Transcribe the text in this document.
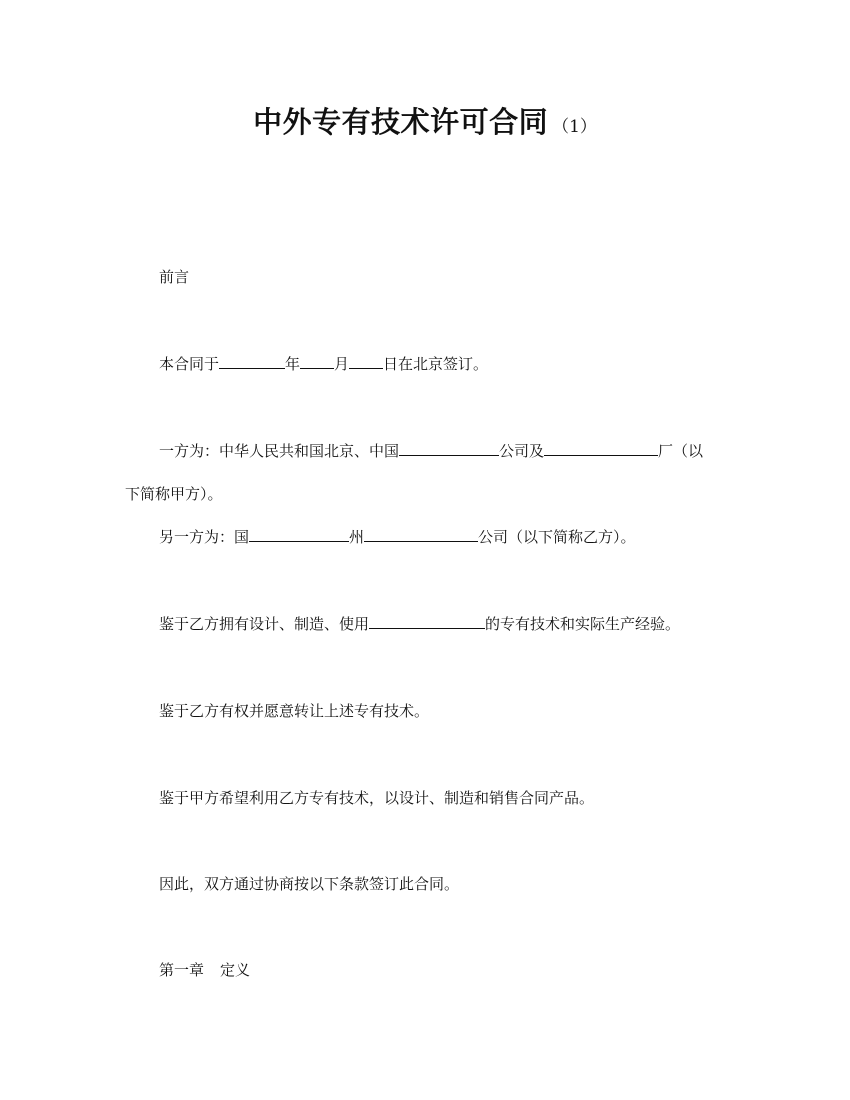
中外专有技术许可合同 （1）
前言
本合同于	年 月 日在北京签订。
一方为：中华人民共和国北京、中国	公司及	厂（以
下简称甲方）。
另一方为：国	州	公司（以下简称乙方）。
鉴于乙方拥有设计、制造、使用	的专有技术和实际生产经验。
鉴于乙方有权并愿意转让上述专有技术。
鉴于甲方希望利用乙方专有技术，以设计、制造和销售合同产品。
因此，双方通过协商按以下条款签订此合同。
第一章 定义
